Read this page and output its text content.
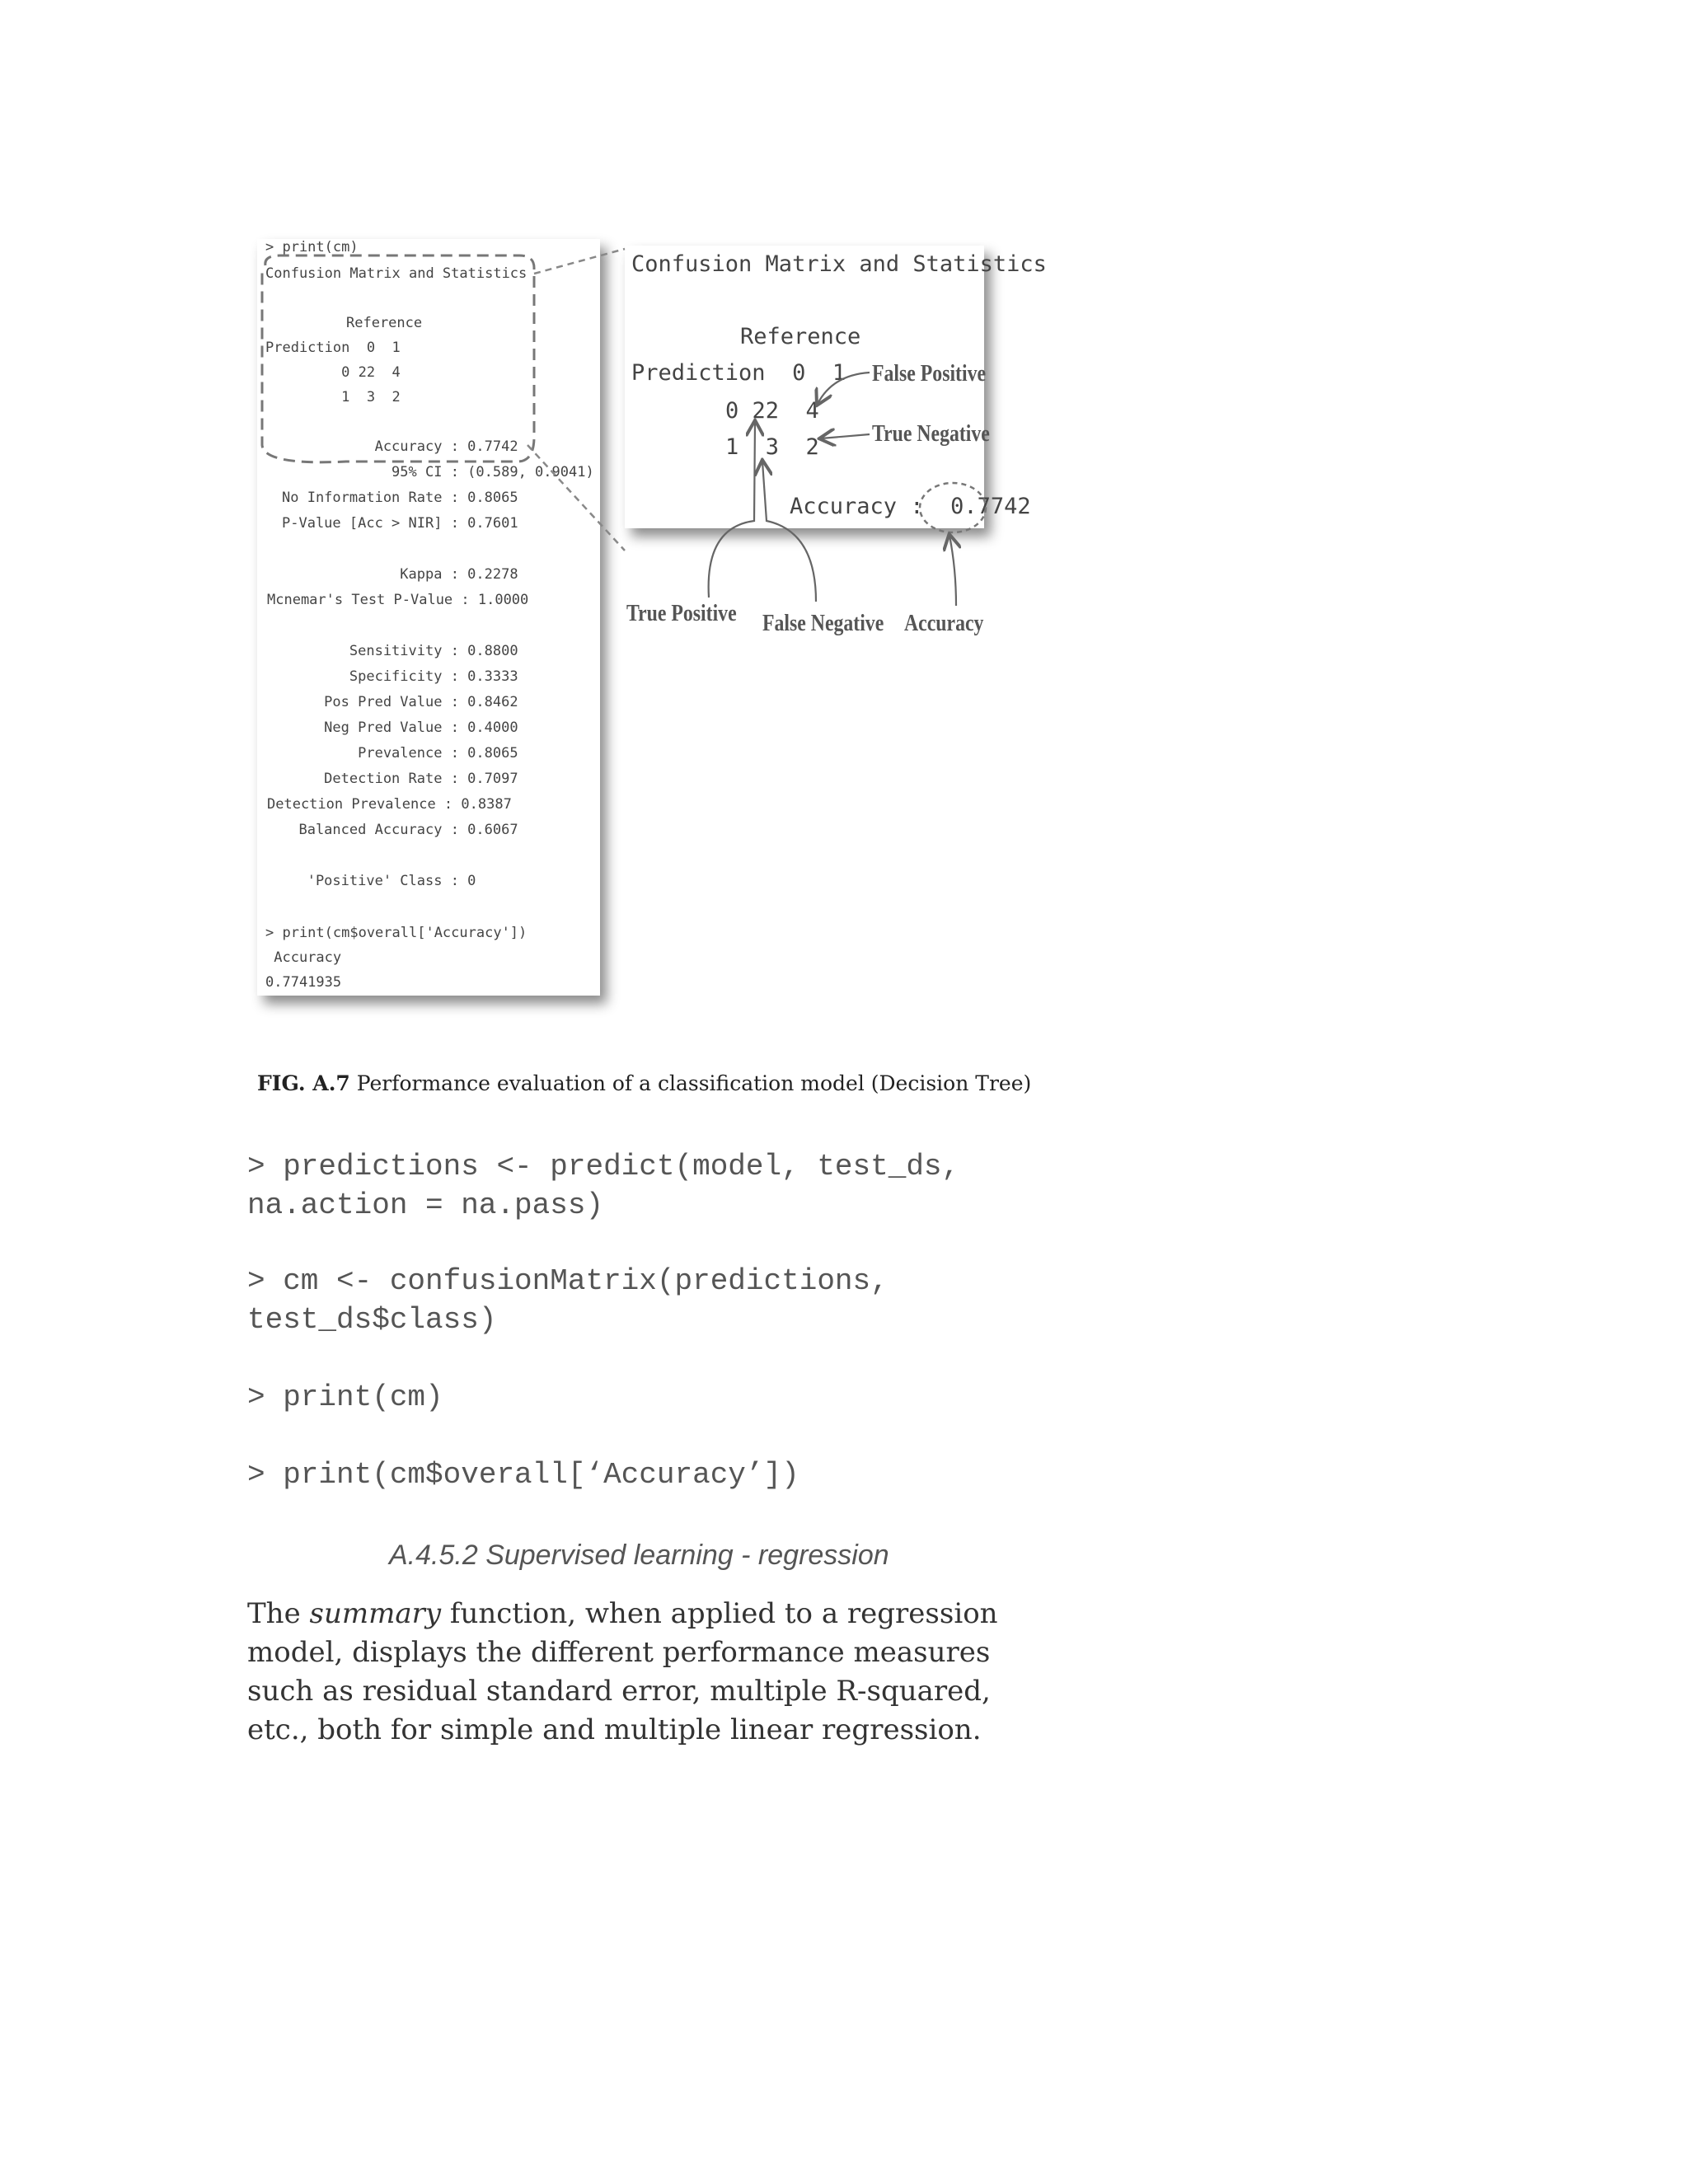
> print(cm)
Confusion Matrix and Statistics
Reference
Prediction  0  1
0 22  4
1  3  2
Accuracy : 0.7742
95% CI : (0.589, 0.9041)
No Information Rate : 0.8065
P-Value [Acc > NIR] : 0.7601
Kappa : 0.2278
Mcnemar's Test P-Value : 1.0000
Sensitivity : 0.8800
Specificity : 0.3333
Pos Pred Value : 0.8462
Neg Pred Value : 0.4000
Prevalence : 0.8065
Detection Rate : 0.7097
Detection Prevalence : 0.8387
Balanced Accuracy : 0.6067
'Positive' Class : 0
> print(cm$overall['Accuracy'])
Accuracy
0.7741935
Confusion Matrix and Statistics
Reference
Prediction  0  1
0 22  4
1  3  2
Accuracy :  0.7742
False Positive
True Negative
True Positive False Negative Accuracy
FIG. A.7 Performance evaluation of a classification model (Decision Tree)
> predictions <- predict(model, test_ds,
na.action = na.pass)
> cm <- confusionMatrix(predictions,
test_ds$class)
> print(cm)
> print(cm$overall[‘Accuracy’])
A.4.5.2 Supervised learning - regression
The summary function, when applied to a regression model, displays the different performance measures such as residual standard error, multiple R-squared, etc., both for simple and multiple linear regression.
